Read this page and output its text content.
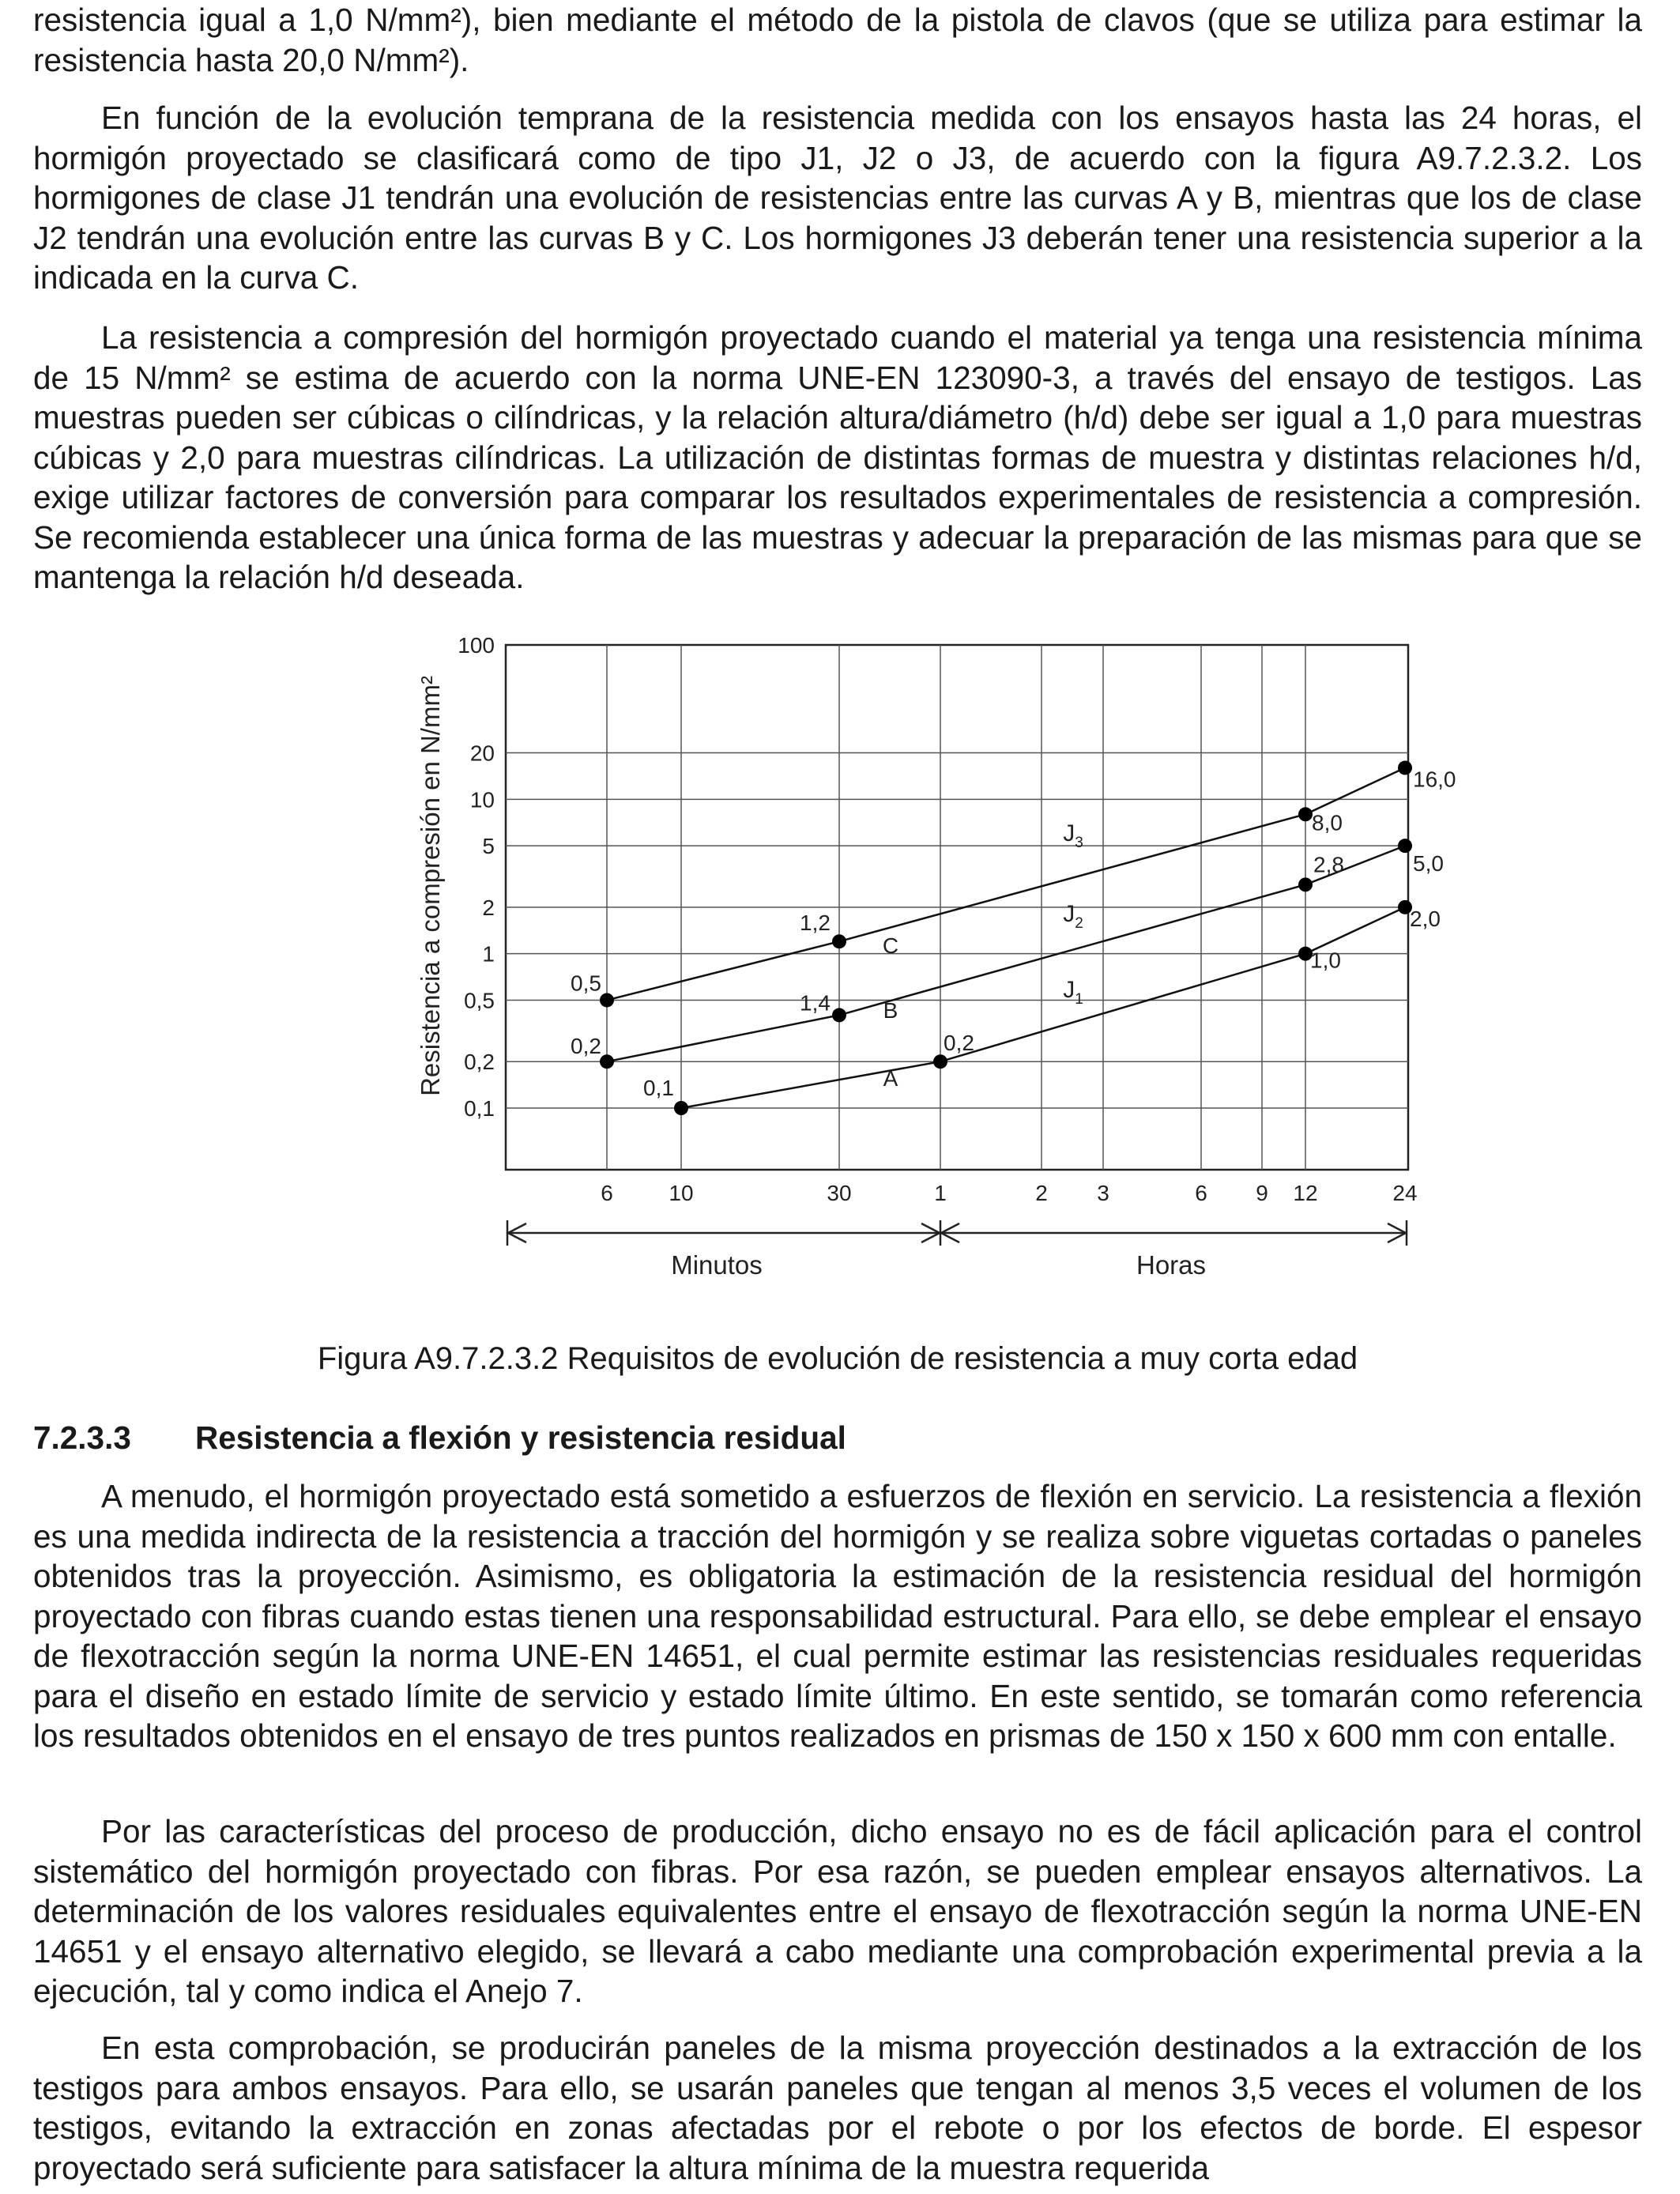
resistencia igual a 1,0 N/mm²), bien mediante el método de la pistola de clavos (que se utiliza para estimar la resistencia hasta 20,0 N/mm²).

En función de la evolución temprana de la resistencia medida con los ensayos hasta las 24 horas, el hormigón proyectado se clasificará como de tipo J1, J2 o J3, de acuerdo con la figura A9.7.2.3.2. Los hormigones de clase J1 tendrán una evolución de resistencias entre las curvas A y B, mientras que los de clase J2 tendrán una evolución entre las curvas B y C. Los hormigones J3 deberán tener una resistencia superior a la indicada en la curva C.

La resistencia a compresión del hormigón proyectado cuando el material ya tenga una resistencia mínima de 15 N/mm² se estima de acuerdo con la norma UNE-EN 123090-3, a través del ensayo de testigos. Las muestras pueden ser cúbicas o cilíndricas, y la relación altura/diámetro (h/d) debe ser igual a 1,0 para muestras cúbicas y 2,0 para muestras cilíndricas. La utilización de distintas formas de muestra y distintas relaciones h/d, exige utilizar factores de conversión para comparar los resultados experimentales de resistencia a compresión. Se recomienda establecer una única forma de las muestras y adecuar la preparación de las mismas para que se mantenga la relación h/d deseada.

100
20
10
5
2
1
0,5
0,2
0,1
6	10	30	1	2 3	6 9 12	24
Resistencia a compresión en N/mm²
Minutos	Horas
0,1
0,2
1,0
2,0
A
0,2
1,4
2,8	5,0
B
0,5
1,2
8,0
16,0
C
$J_1$
$J_2$
$J_3$

Figura A9.7.2.3.2 Requisitos de evolución de resistencia a muy corta edad

7.2.3.3 Resistencia a flexión y resistencia residual

A menudo, el hormigón proyectado está sometido a esfuerzos de flexión en servicio. La resistencia a flexión es una medida indirecta de la resistencia a tracción del hormigón y se realiza sobre viguetas cortadas o paneles obtenidos tras la proyección. Asimismo, es obligatoria la estimación de la resistencia residual del hormigón proyectado con fibras cuando estas tienen una responsabilidad estructural. Para ello, se debe emplear el ensayo de flexotracción según la norma UNE-EN 14651, el cual permite estimar las resistencias residuales requeridas para el diseño en estado límite de servicio y estado límite último. En este sentido, se tomarán como referencia los resultados obtenidos en el ensayo de tres puntos realizados en prismas de 150 x 150 x 600 mm con entalle.

Por las características del proceso de producción, dicho ensayo no es de fácil aplicación para el control sistemático del hormigón proyectado con fibras. Por esa razón, se pueden emplear ensayos alternativos. La determinación de los valores residuales equivalentes entre el ensayo de flexotracción según la norma UNE-EN 14651 y el ensayo alternativo elegido, se llevará a cabo mediante una comprobación experimental previa a la ejecución, tal y como indica el Anejo 7.

En esta comprobación, se producirán paneles de la misma proyección destinados a la extracción de los testigos para ambos ensayos. Para ello, se usarán paneles que tengan al menos 3,5 veces el volumen de los testigos, evitando la extracción en zonas afectadas por el rebote o por los efectos de borde. El espesor proyectado será suficiente para satisfacer la altura mínima de la muestra requerida
